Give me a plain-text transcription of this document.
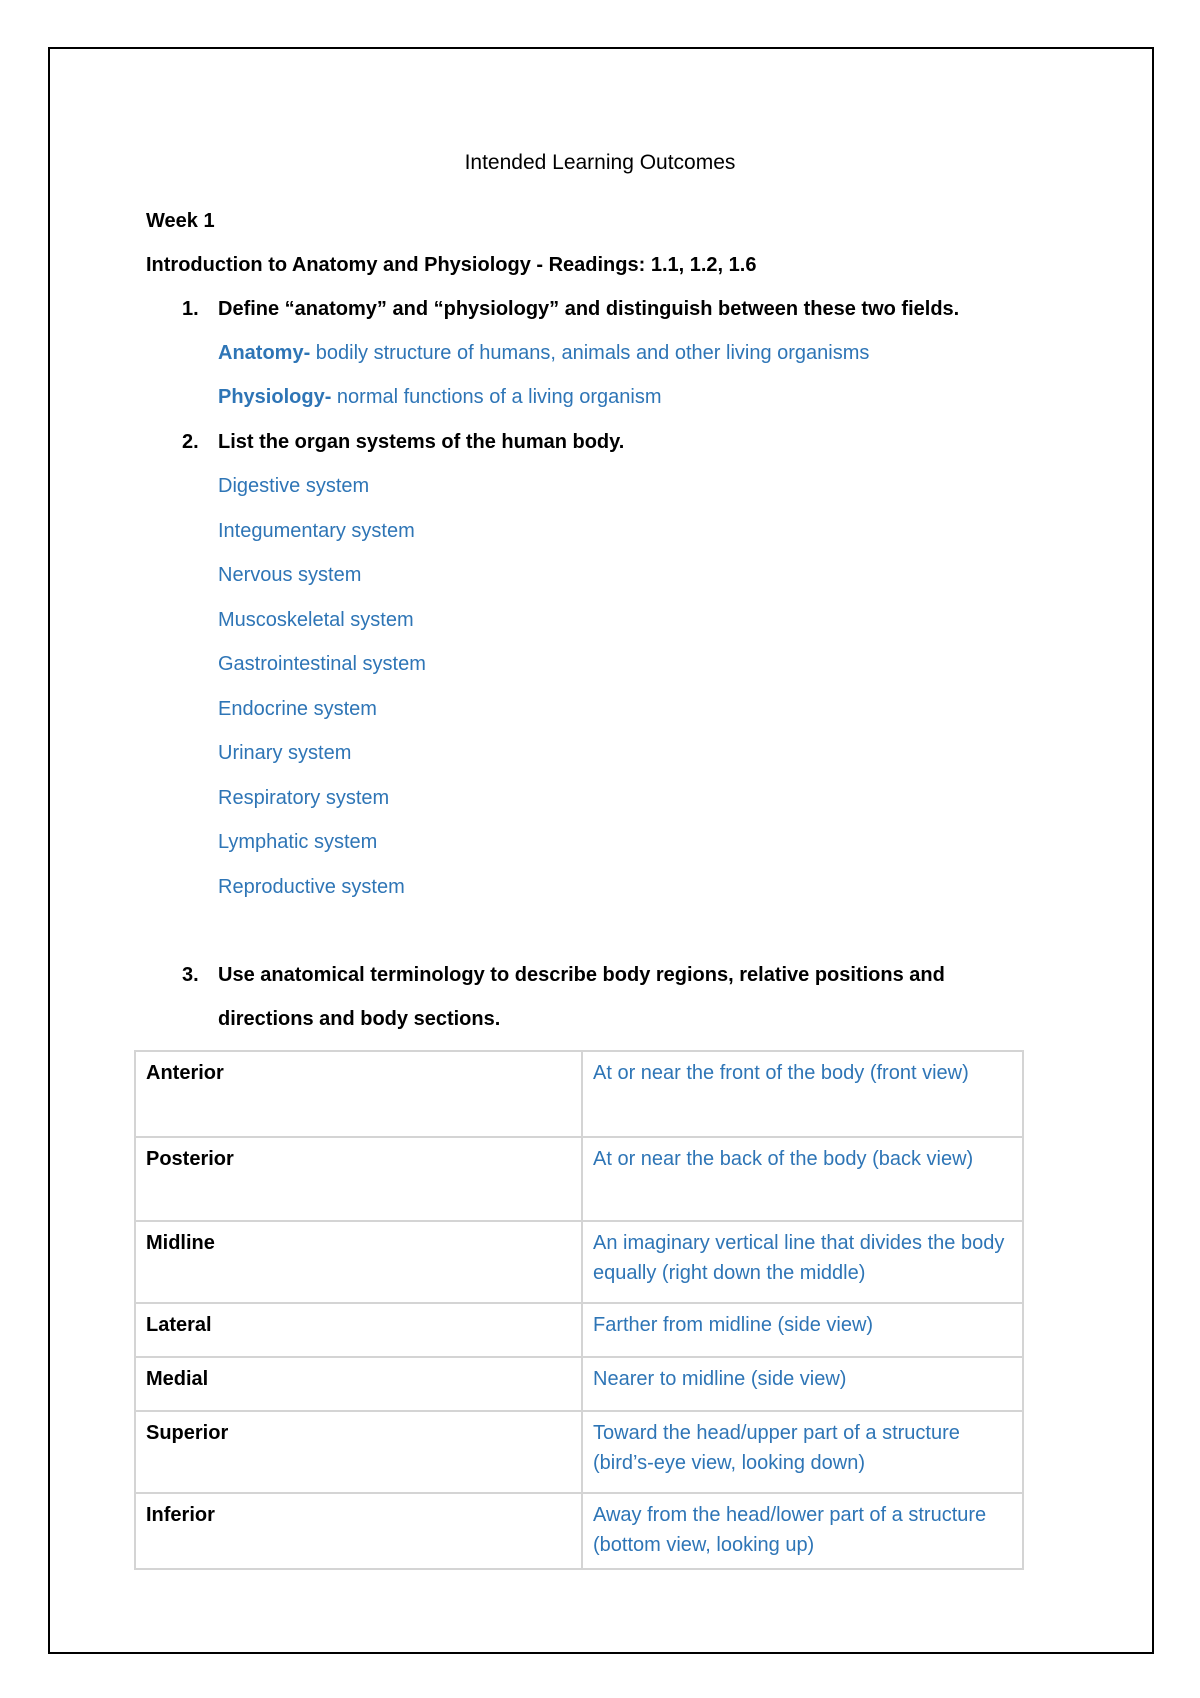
Intended Learning Outcomes
Week 1
Introduction to Anatomy and Physiology - Readings: 1.1, 1.2, 1.6
1. Define “anatomy” and “physiology” and distinguish between these two fields.
Anatomy- bodily structure of humans, animals and other living organisms
Physiology- normal functions of a living organism
2. List the organ systems of the human body.
Digestive system
Integumentary system
Nervous system
Muscoskeletal system
Gastrointestinal system
Endocrine system
Urinary system
Respiratory system
Lymphatic system
Reproductive system
3. Use anatomical terminology to describe body regions, relative positions and
directions and body sections.
Anterior	At or near the front of the body (front view)
Posterior	At or near the back of the body (back view)
Midline	An imaginary vertical line that divides the body equally (right down the middle)
Lateral	Farther from midline (side view)
Medial	Nearer to midline (side view)
Superior	Toward the head/upper part of a structure (bird’s-eye view, looking down)
Inferior	Away from the head/lower part of a structure (bottom view, looking up)
